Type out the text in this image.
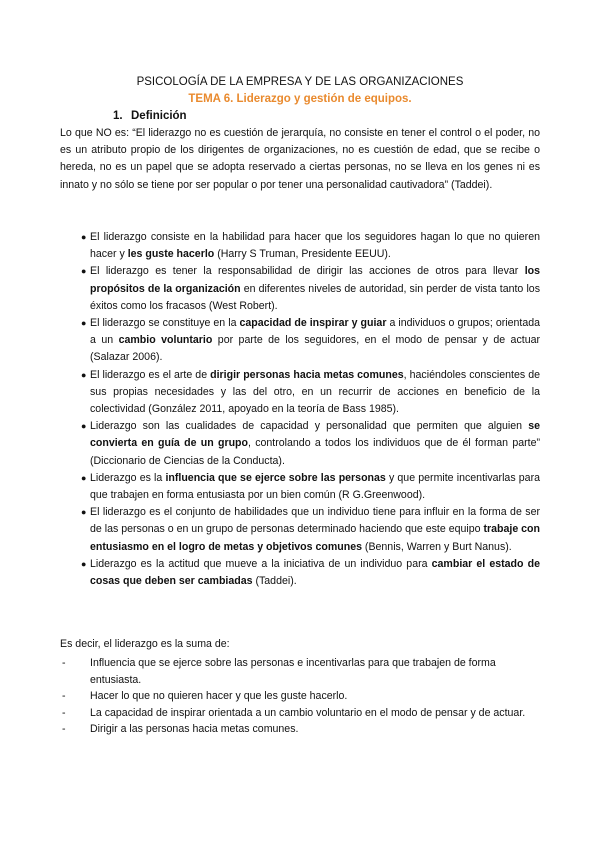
PSICOLOGÍA DE LA EMPRESA Y DE LAS ORGANIZACIONES
TEMA 6. Liderazgo y gestión de equipos.
1. Definición
Lo que NO es: “El liderazgo no es cuestión de jerarquía, no consiste en tener el control o el poder, no es un atributo propio de los dirigentes de organizaciones, no es cuestión de edad, que se recibe o hereda, no es un papel que se adopta reservado a ciertas personas, no se lleva en los genes ni es innato y no sólo se tiene por ser popular o por tener una personalidad cautivadora” (Taddei).
● El liderazgo consiste en la habilidad para hacer que los seguidores hagan lo que no quieren hacer y les guste hacerlo (Harry S Truman, Presidente EEUU).
● El liderazgo es tener la responsabilidad de dirigir las acciones de otros para llevar los propósitos de la organización en diferentes niveles de autoridad, sin perder de vista tanto los éxitos como los fracasos (West Robert).
● El liderazgo se constituye en la capacidad de inspirar y guiar a individuos o grupos; orientada a un cambio voluntario por parte de los seguidores, en el modo de pensar y de actuar (Salazar 2006).
● El liderazgo es el arte de dirigir personas hacia metas comunes, haciéndoles conscientes de sus propias necesidades y las del otro, en un recurrir de acciones en beneficio de la colectividad (González 2011, apoyado en la teoría de Bass 1985).
● Liderazgo son las cualidades de capacidad y personalidad que permiten que alguien se convierta en guía de un grupo, controlando a todos los individuos que de él forman parte” (Diccionario de Ciencias de la Conducta).
● Liderazgo es la influencia que se ejerce sobre las personas y que permite incentivarlas para que trabajen en forma entusiasta por un bien común (R G.Greenwood).
● El liderazgo es el conjunto de habilidades que un individuo tiene para influir en la forma de ser de las personas o en un grupo de personas determinado haciendo que este equipo trabaje con entusiasmo en el logro de metas y objetivos comunes (Bennis, Warren y Burt Nanus).
● Liderazgo es la actitud que mueve a la iniciativa de un individuo para cambiar el estado de cosas que deben ser cambiadas (Taddei).
Es decir, el liderazgo es la suma de:
- Influencia que se ejerce sobre las personas e incentivarlas para que trabajen de forma entusiasta.
- Hacer lo que no quieren hacer y que les guste hacerlo.
- La capacidad de inspirar orientada a un cambio voluntario en el modo de pensar y de actuar.
- Dirigir a las personas hacia metas comunes.
